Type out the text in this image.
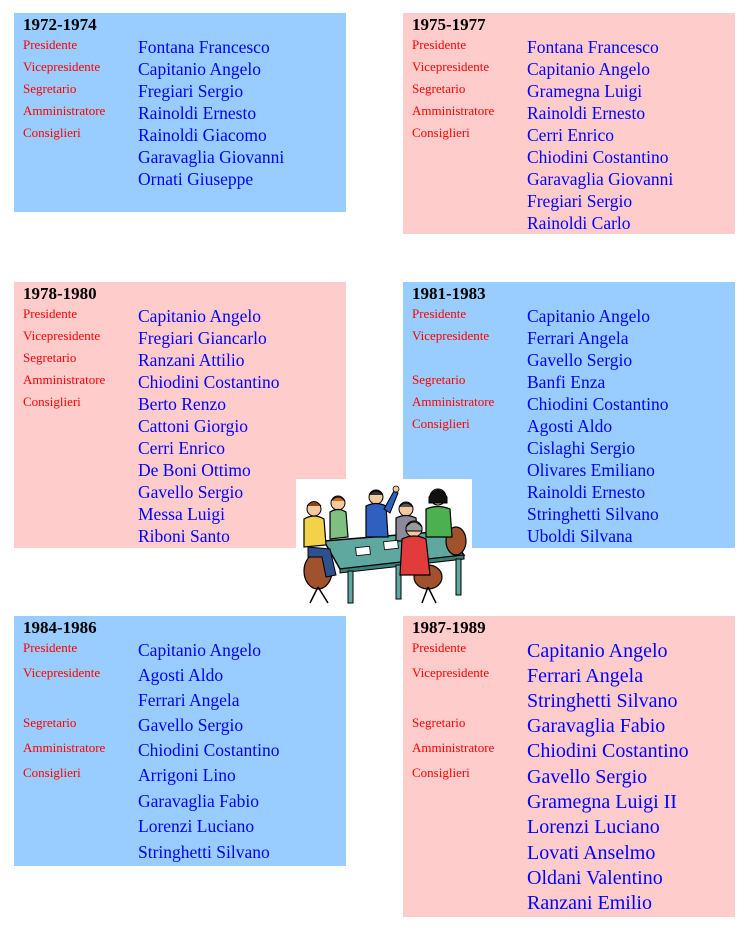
1972-1974
Presidente
Vicepresidente
Segretario
Amministratore
Consiglieri
Fontana Francesco
Capitanio Angelo
Fregiari Sergio
Rainoldi Ernesto
Rainoldi Giacomo
Garavaglia Giovanni
Ornati Giuseppe
1975-1977
Presidente
Vicepresidente
Segretario
Amministratore
Consiglieri
Fontana Francesco
Capitanio Angelo
Gramegna Luigi
Rainoldi Ernesto
Cerri Enrico
Chiodini Costantino
Garavaglia Giovanni
Fregiari Sergio
Rainoldi Carlo
1978-1980
Presidente
Vicepresidente
Segretario
Amministratore
Consiglieri
Capitanio Angelo
Fregiari Giancarlo
Ranzani Attilio
Chiodini Costantino
Berto Renzo
Cattoni Giorgio
Cerri Enrico
De Boni Ottimo
Gavello Sergio
Messa Luigi
Riboni Santo
1981-1983
Presidente
Vicepresidente
Segretario
Amministratore
Consiglieri
Capitanio Angelo
Ferrari Angela
Gavello Sergio
Banfi Enza
Chiodini Costantino
Agosti Aldo
Cislaghi Sergio
Olivares Emiliano
Rainoldi Ernesto
Stringhetti Silvano
Uboldi Silvana
1984-1986
Presidente
Vicepresidente
Segretario
Amministratore
Consiglieri
Capitanio Angelo
Agosti Aldo
Ferrari Angela
Gavello Sergio
Chiodini Costantino
Arrigoni Lino
Garavaglia Fabio
Lorenzi Luciano
Stringhetti Silvano
1987-1989
Presidente
Vicepresidente
Segretario
Amministratore
Consiglieri
Capitanio Angelo
Ferrari Angela
Stringhetti Silvano
Garavaglia Fabio
Chiodini Costantino
Gavello Sergio
Gramegna Luigi II
Lorenzi Luciano
Lovati Anselmo
Oldani Valentino
Ranzani Emilio
